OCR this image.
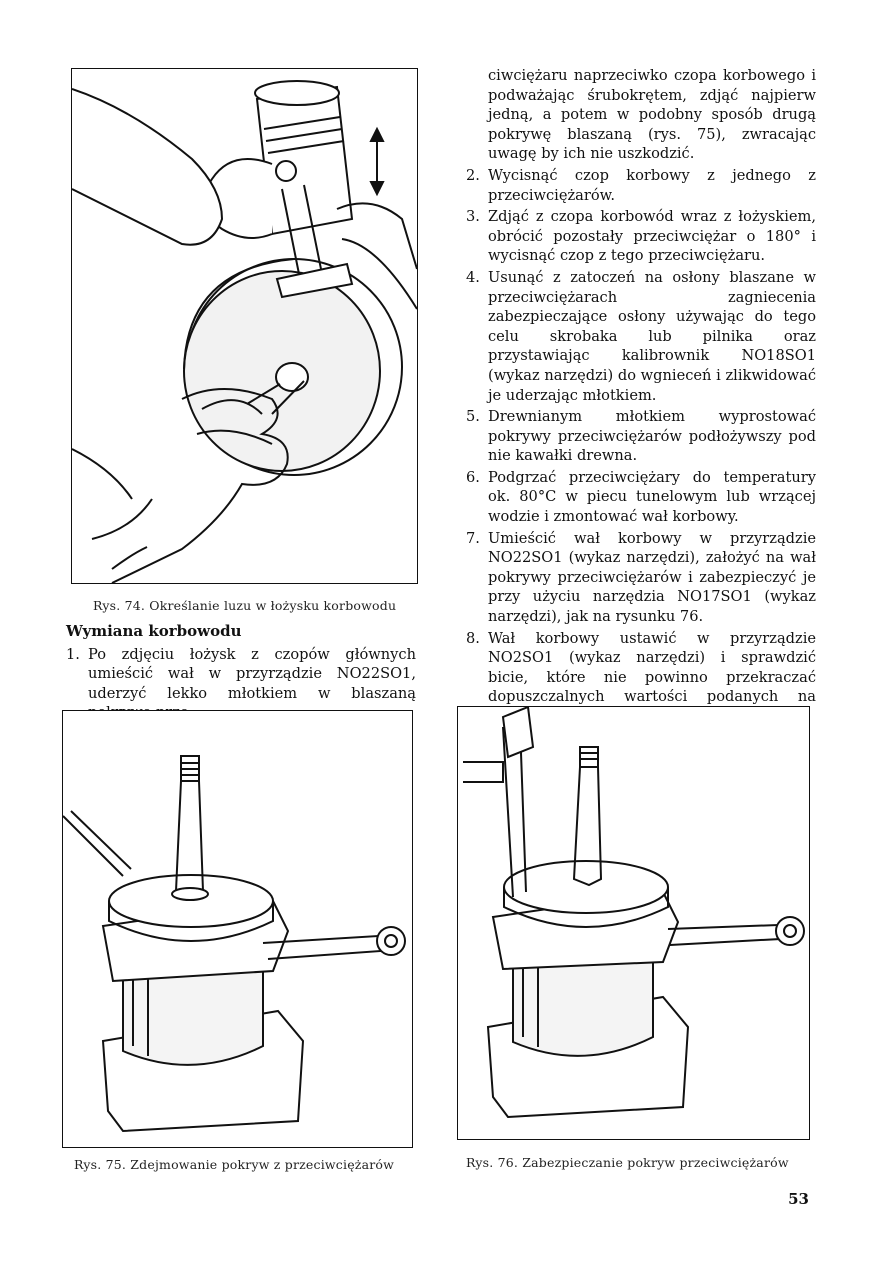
Rys. 74. Określanie luzu w łożysku korbowodu

Wymiana korbowodu

1. Po zdjęciu łożysk z czopów głównych umieścić wał w przyrządzie NO22SO1, uderzyć lekko młotkiem w blaszaną

ciwciężaru naprzeciwko czopa korbowego i podważając śrubokrętem, zdjąć najpierw jedną, a potem w podobny sposób drugą pokrywę blaszaną (rys. 75), zwracając uwagę by ich nie uszkodzić.

2. Wycisnąć czop korbowy z jednego z przeciwciężarów.
3. Zdjąć z czopa korbowód wraz z łożyskiem, obrócić pozostały przeciwciężar o 180° i wycisnąć czop z tego przeciwciężaru.
4. Usunąć z zatoczeń na osłony blaszane w przeciwciężarach zagniecenia zabezpieczające osłony używając do tego celu skrobaka lub pilnika oraz przystawiając kalibrownik NO18SO1 (wykaz narzędzi) do wgnieceń i zlikwidować je uderzając młotkiem.
5. Drewnianym młotkiem wyprostować pokrywy przeciwciężarów podłożywszy pod nie kawałki drewna.
6. Podgrzać przeciwciężary do temperatury ok. 80°C w piecu tunelowym lub wrzącej wodzie i zmontować wał korbowy.
7. Umieścić wał korbowy w przyrządzie NO22SO1 (wykaz narzędzi), założyć na wał pokrywy przeciwciężarów i zabezpieczyć je przy użyciu narzędzia NO17SO1 (wykaz narzędzi), jak na rysunku 76.
8. Wał korbowy ustawić w przyrządzie NO2SO1 (wykaz narzędzi) i sprawdzić bicie, które nie powinno przekraczać dopuszczalnych wartości podanych na
Rys. 75. Zdejmowanie pokryw z przeciwciężarów	Rys. 76. Zabezpieczanie pokryw przeciwciężarów
53
